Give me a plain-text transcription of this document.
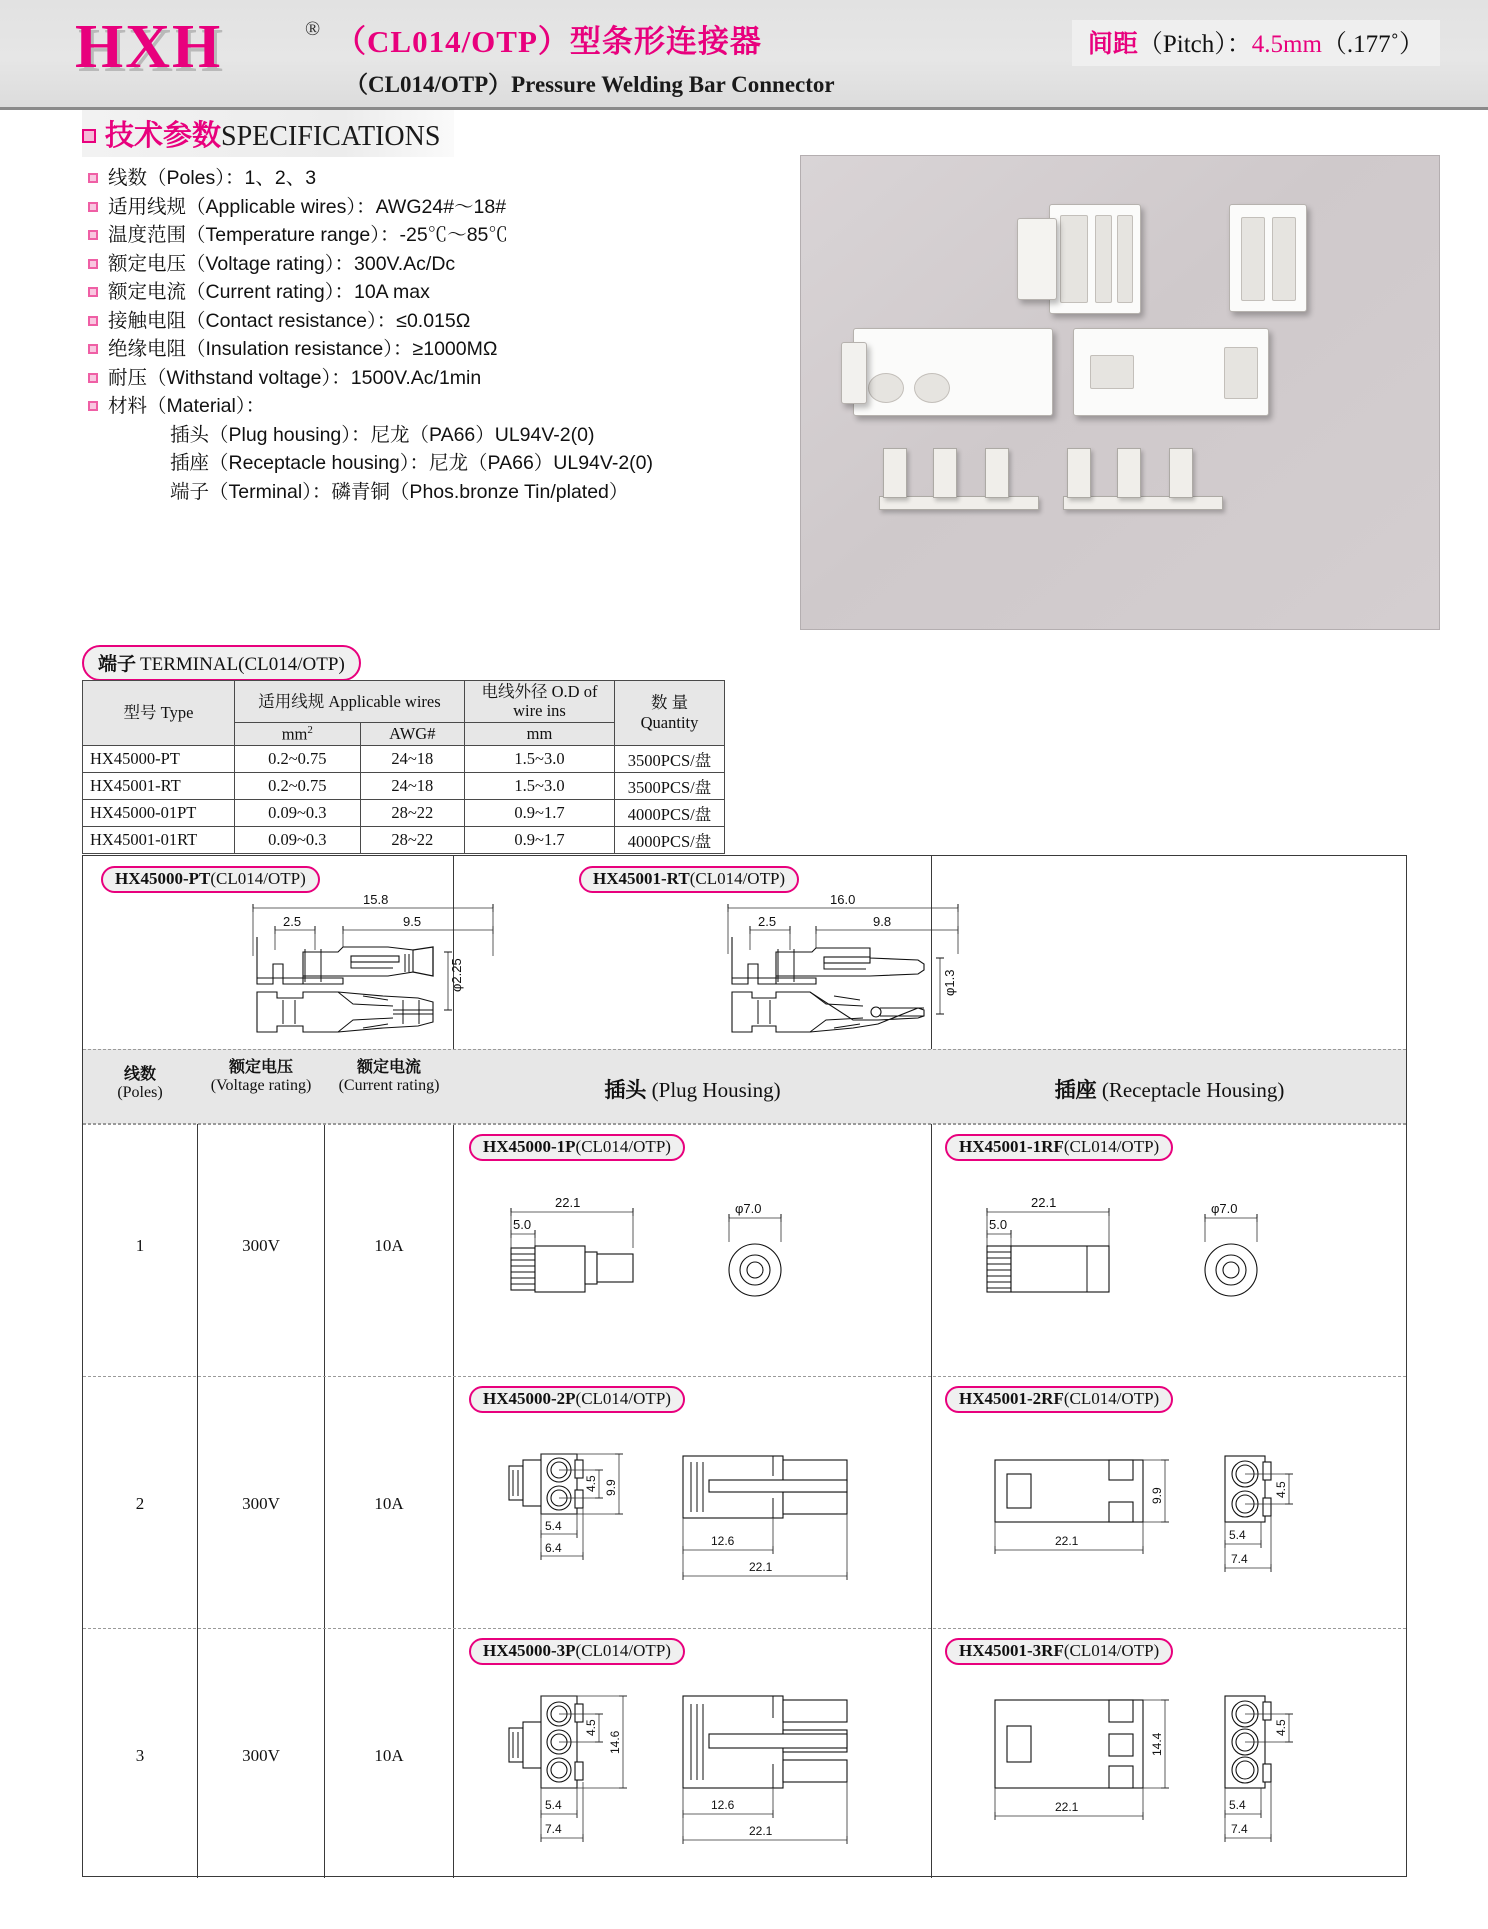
HXH	® （CL014/OTP）型条形连接器
（CL014/OTP）Pressure Welding Bar Connector
间距（Pitch）：4.5mm（.177˚）
技术参数SPECIFICATIONS
线数（Poles）：1、2、3
适用线规（Applicable wires）：AWG24#～18#
温度范围（Temperature range）：-25℃～85℃
额定电压（Voltage rating）：300V.Ac/Dc
额定电流（Current rating）：10A max
接触电阻（Contact resistance）：≤0.015Ω
绝缘电阻（Insulation resistance）：≥1000MΩ
耐压（Withstand voltage）：1500V.Ac/1min
材料（Material）：
插头（Plug housing）：尼龙（PA66）UL94V-2(0)
插座（Receptacle housing）：尼龙（PA66）UL94V-2(0)
端子（Terminal）：磷青铜（Phos.bronze Tin/plated）
端子 TERMINAL(CL014/OTP)
型号 Type	适用线规 Applicable wires		电线外径 O.D of wire ins	数 量 Quantity
	$mm^2$	AWG#	mm	
HX45000-PT	0.2~0.75	24~18	1.5~3.0	3500PCS/盘
HX45001-RT	0.2~0.75	24~18	1.5~3.0	3500PCS/盘
HX45000-01PT	0.09~0.3	28~22	0.9~1.7	4000PCS/盘
HX45001-01RT	0.09~0.3	28~22	0.9~1.7	4000PCS/盘
线数
(Poles)
额定电压
(Voltage rating)
额定电流
(Current rating)	插头 (Plug Housing)	插座 (Receptacle Housing)
HX45000-PT(CL014/OTP)	HX45001-RT(CL014/OTP)
15.8
2.5	9.5
φ2.25
16.0
2.5	9.8
φ1.3
1	300V	10A
HX45000-1P(CL014/OTP)	HX45001-1RF(CL014/OTP)
22.1
5.0
φ7.0	22.1
5.0
φ7.0
2	300V	10A
HX45000-2P(CL014/OTP)	HX45001-2RF(CL014/OTP)
4.5 9.9
5.4
6.4	12.6
22.1
9.9
22.1
4.5
5.4
7.4
3	300V	10A
HX45000-3P(CL014/OTP)	HX45001-3RF(CL014/OTP)
4.5
14.6
5.4
7.4
12.6
22.1
14.4
22.1
4.5
5.4
7.4
